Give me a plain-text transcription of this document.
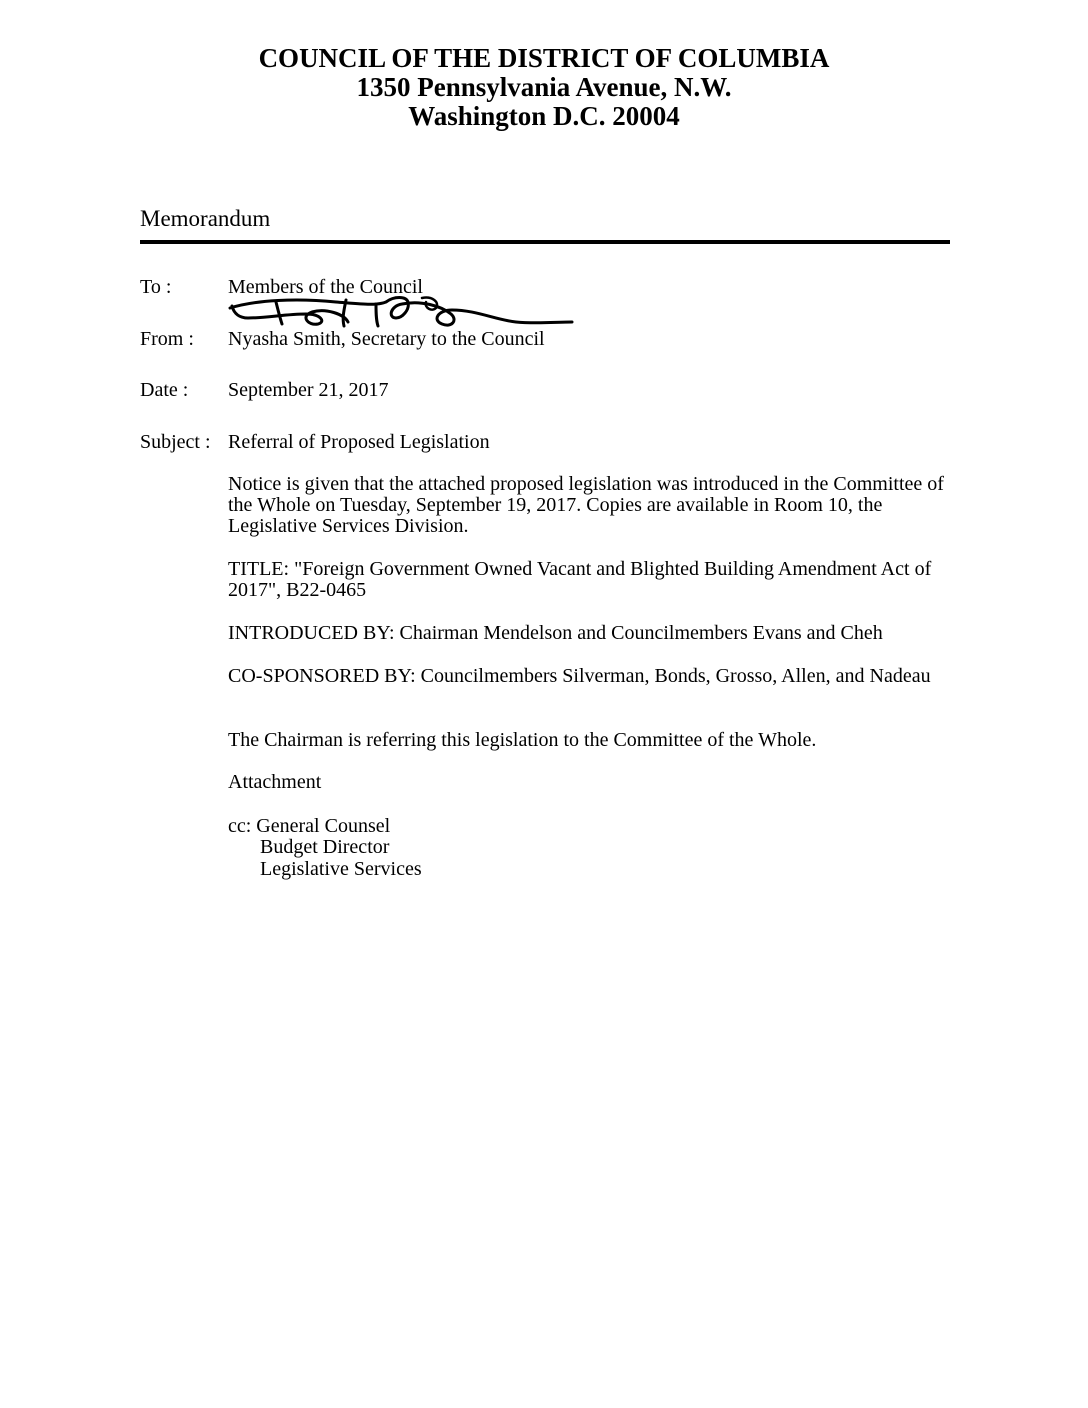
COUNCIL OF THE DISTRICT OF COLUMBIA
1350 Pennsylvania Avenue, N.W.
Washington D.C. 20004
Memorandum
To :	Members of the Council
From : Nyasha Smith, Secretary to the Council
Date : September 21, 2017
Subject : Referral of Proposed Legislation
Notice is given that the attached proposed legislation was introduced in the Committee of the Whole on Tuesday, September 19, 2017. Copies are available in Room 10, the Legislative Services Division.
TITLE: "Foreign Government Owned Vacant and Blighted Building Amendment Act of 2017", B22-0465
INTRODUCED BY: Chairman Mendelson and Councilmembers Evans and Cheh
CO-SPONSORED BY: Councilmembers Silverman, Bonds, Grosso, Allen, and Nadeau
The Chairman is referring this legislation to the Committee of the Whole.
Attachment
cc: General Counsel
Budget Director
Legislative Services
